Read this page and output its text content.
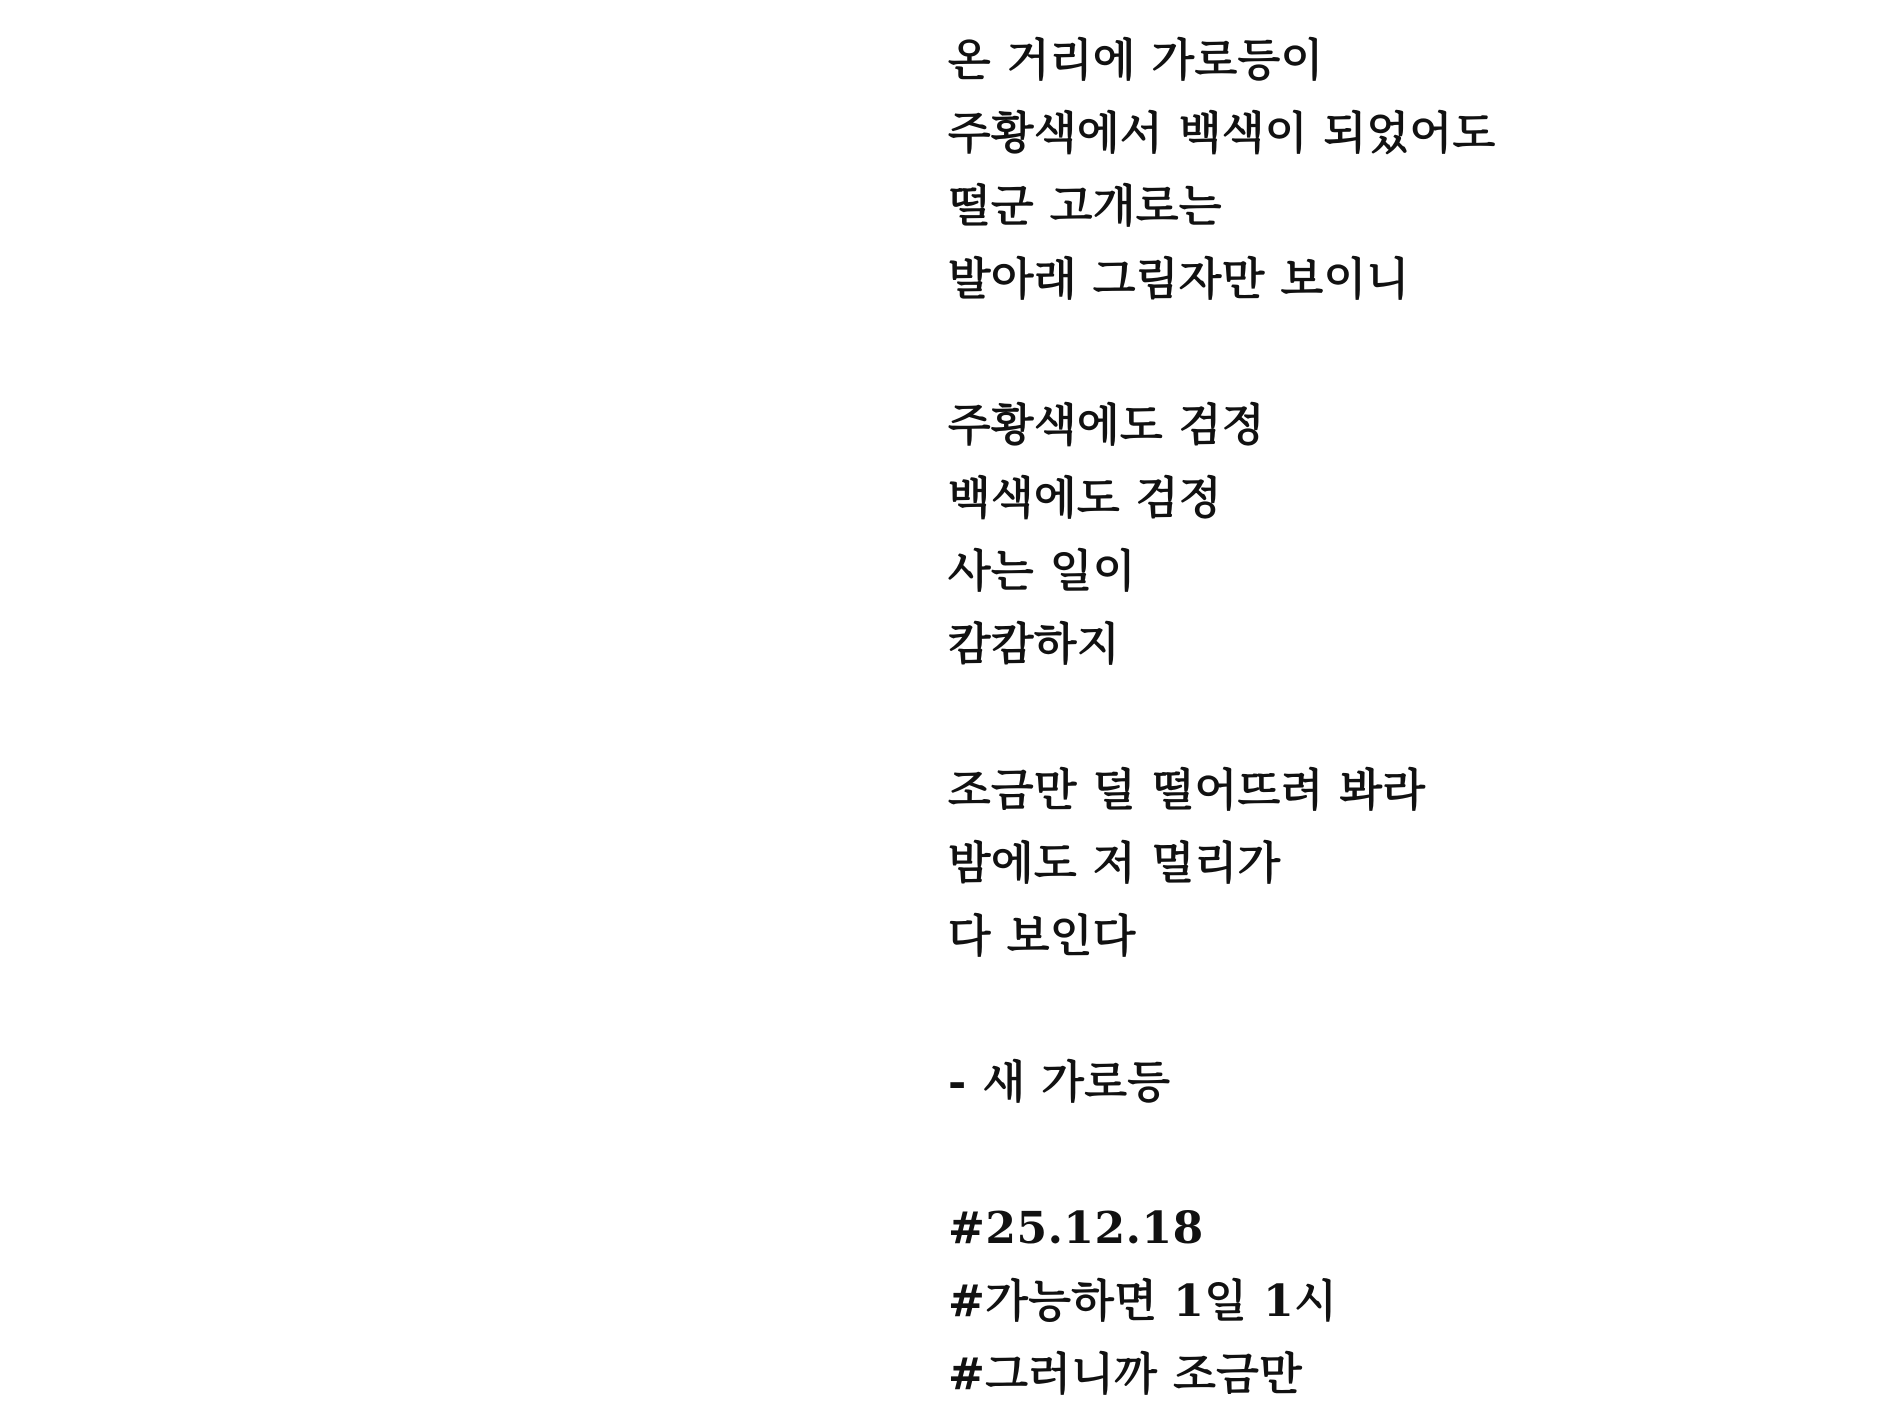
온 거리에 가로등이
주황색에서 백색이 되었어도
떨군 고개로는
발아래 그림자만 보이니
주황색에도 검정
백색에도 검정
사는 일이
캄캄하지
조금만 덜 떨어뜨려 봐라
밤에도 저 멀리가
다 보인다
- 새 가로등
#25.12.18
#가능하면 1일 1시
#그러니까 조금만
